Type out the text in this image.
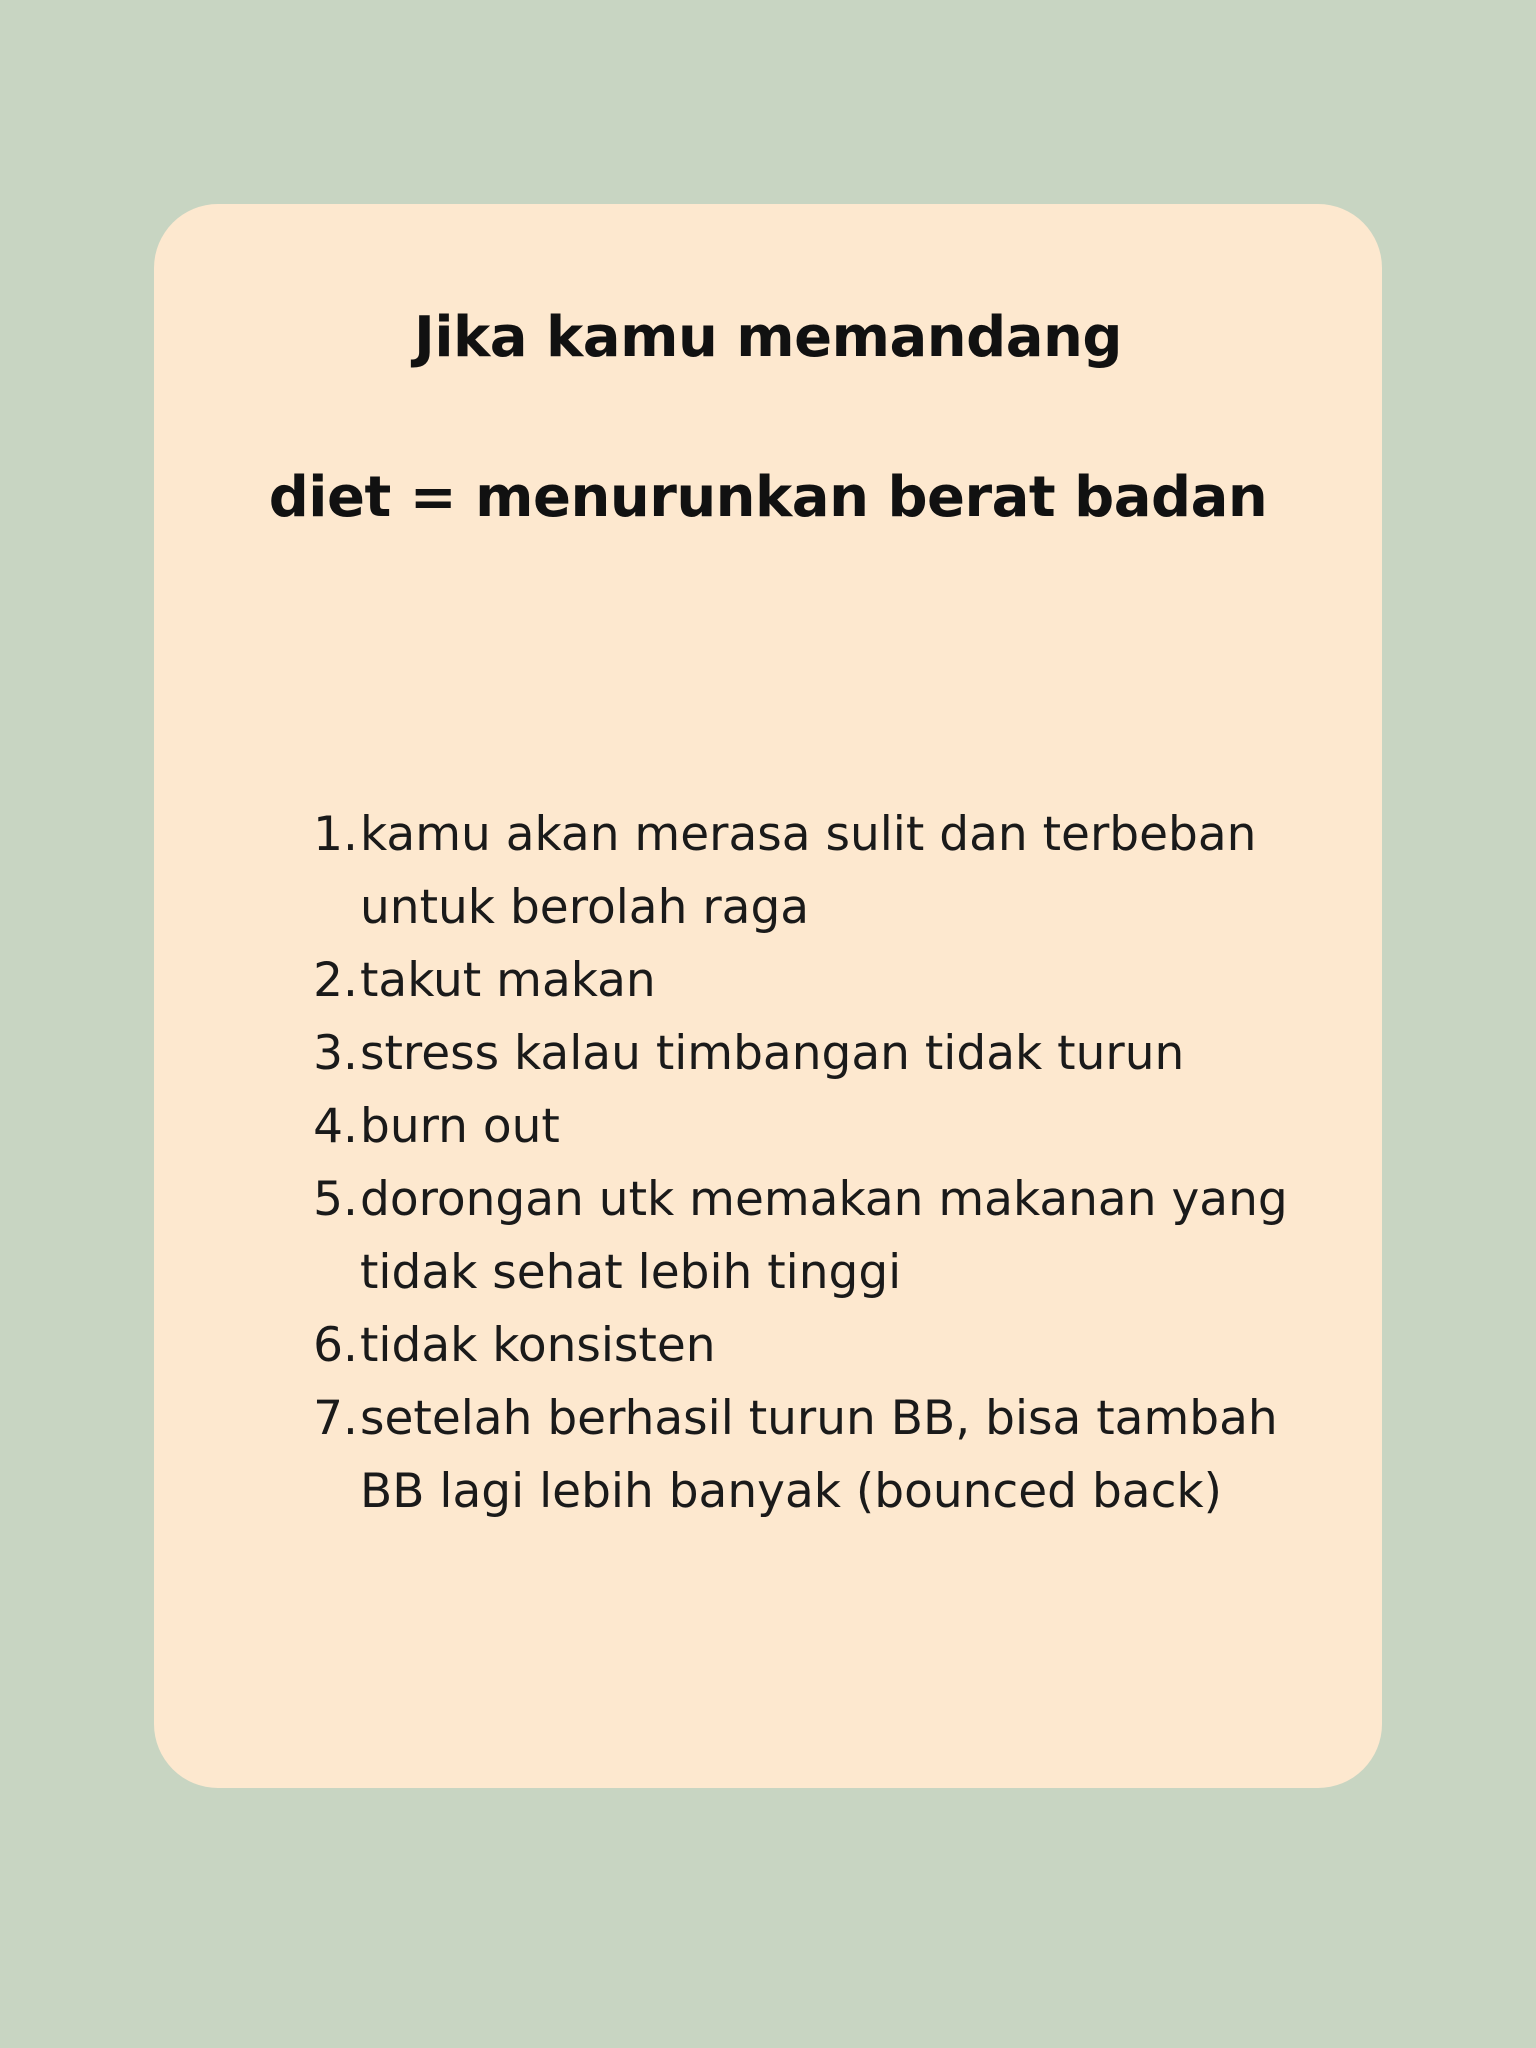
Jika kamu memandang
diet = menurunkan berat badan
1. kamu akan merasa sulit dan terbeban untuk berolah raga
2. takut makan
3. stress kalau timbangan tidak turun
4. burn out
5. dorongan utk memakan makanan yang tidak sehat lebih tinggi
6. tidak konsisten
7. setelah berhasil turun BB, bisa tambah BB lagi lebih banyak (bounced back)
